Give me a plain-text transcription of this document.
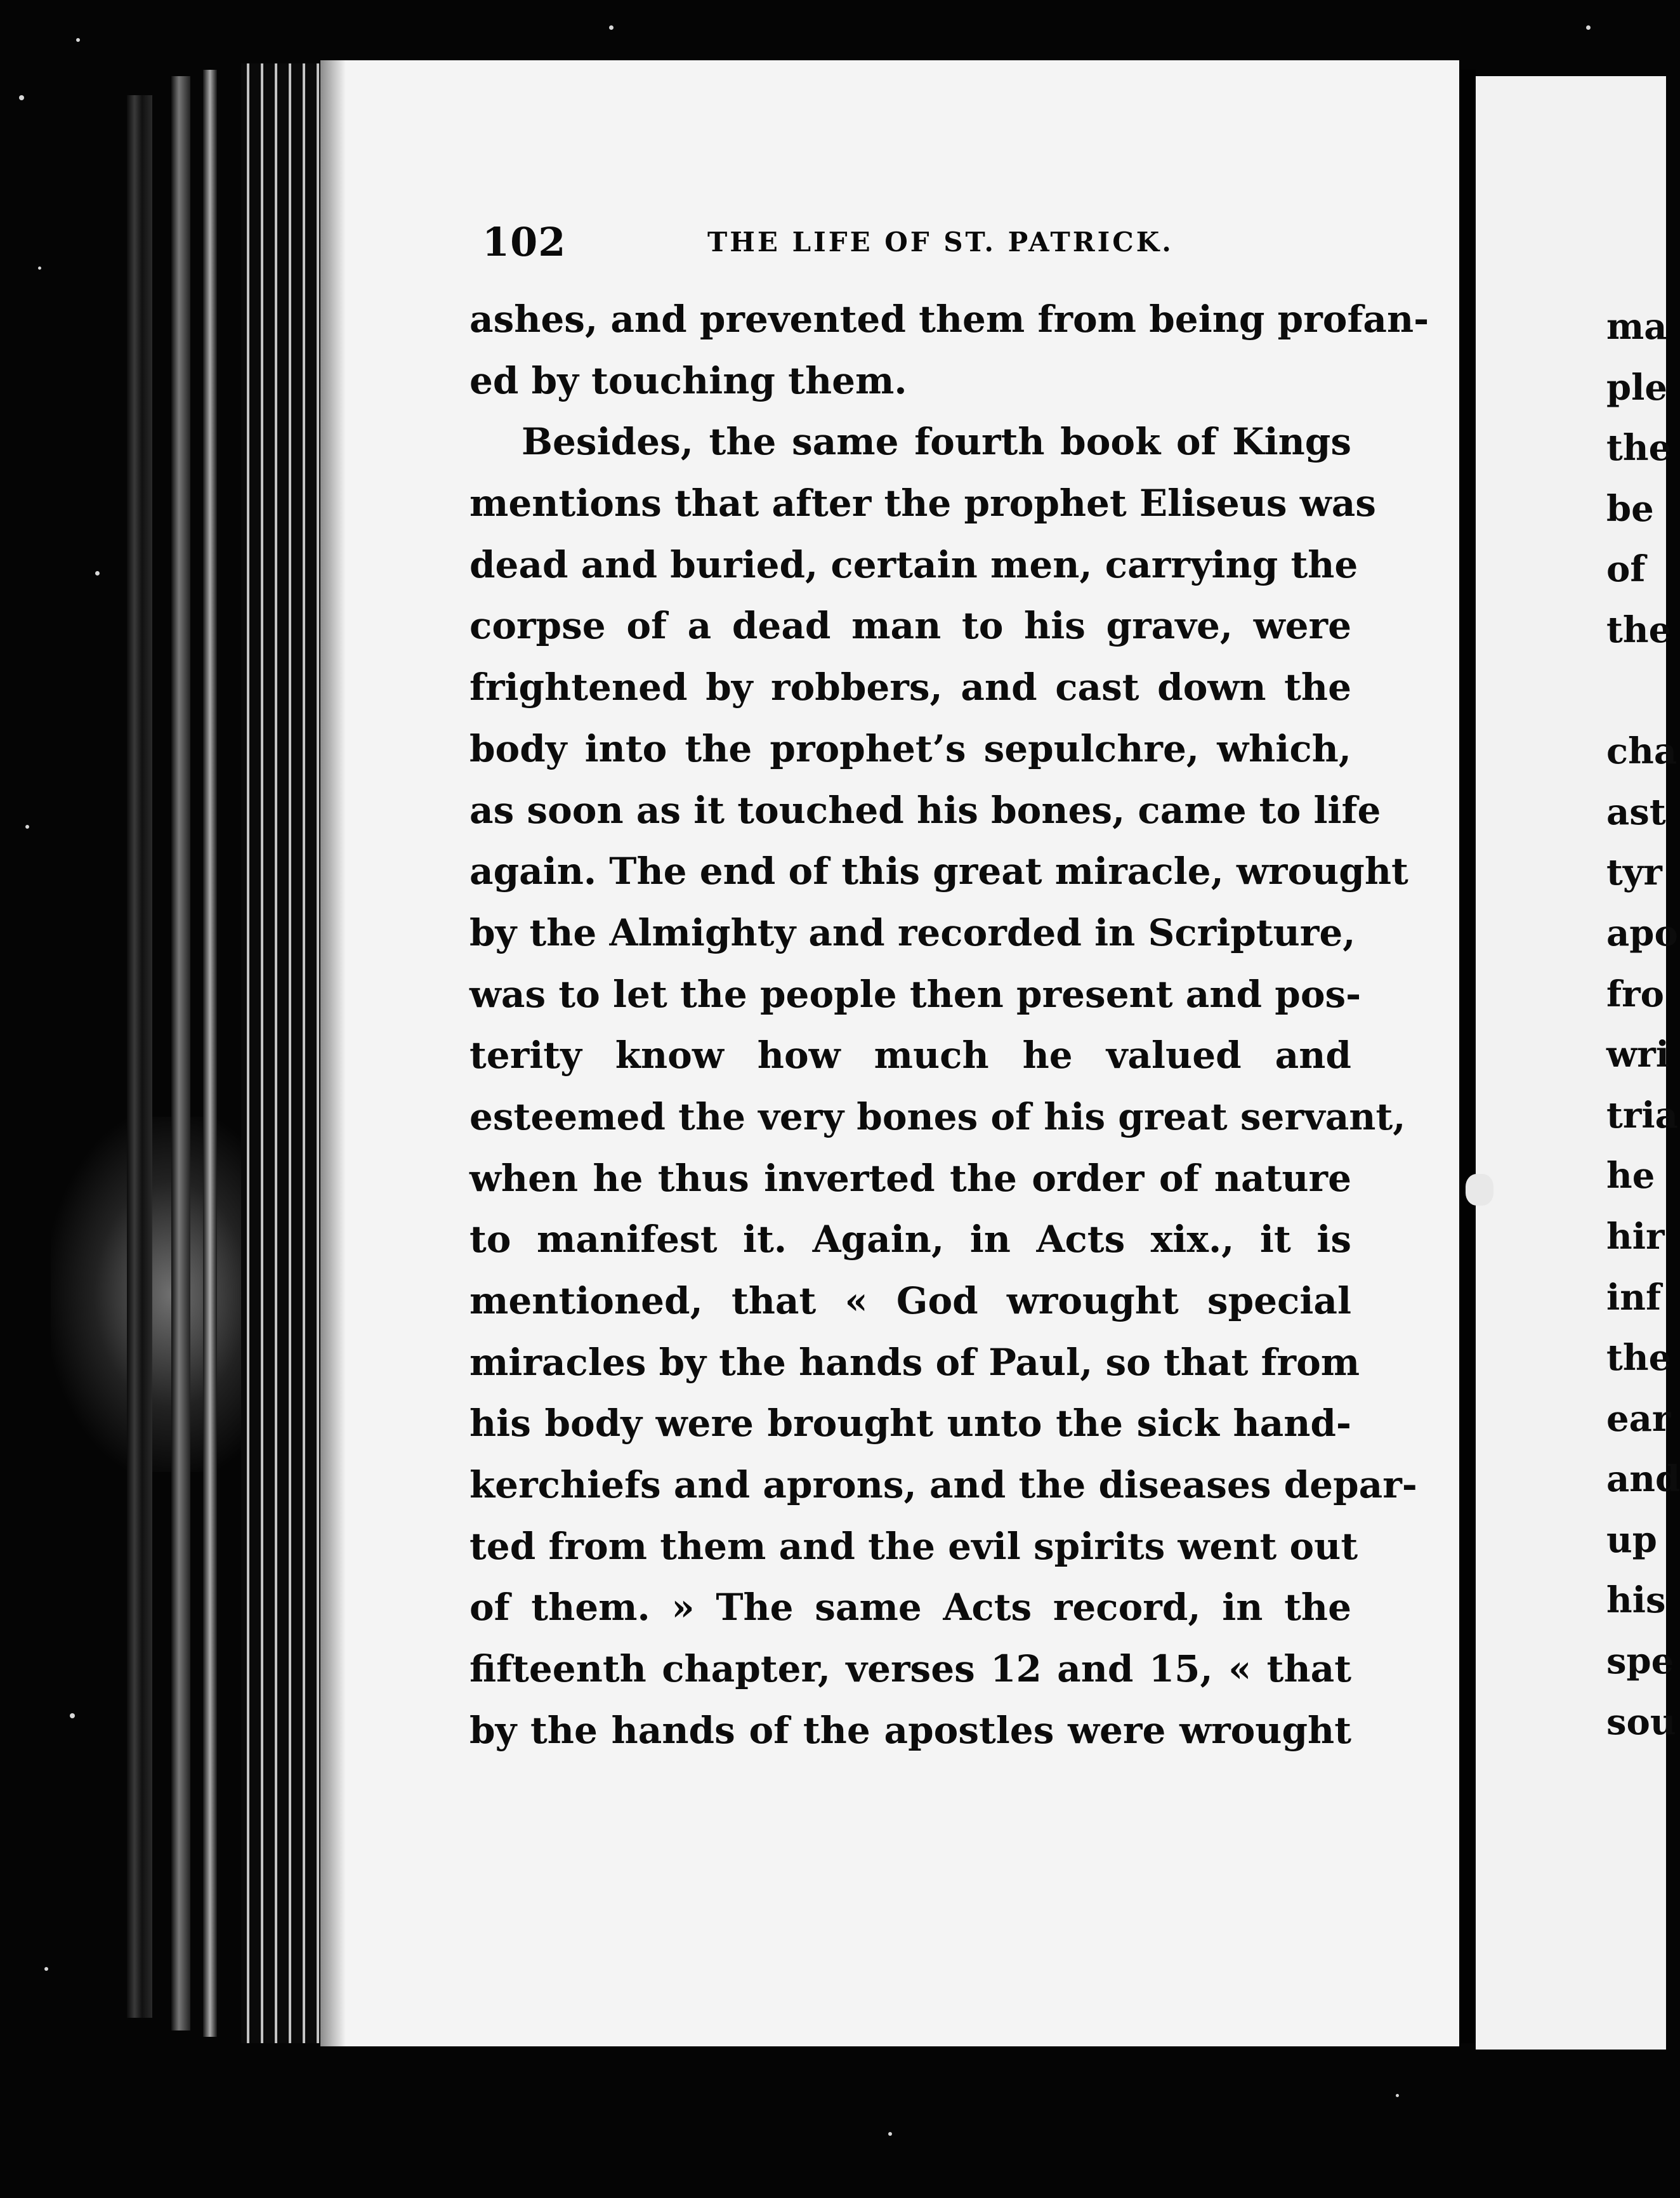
102	THE LIFE OF ST. PATRICK.
ashes, and prevented them from being profan-
ed by touching them.
Besides, the same fourth book of Kings
mentions that after the prophet Eliseus was
dead and buried, certain men, carrying the
corpse of a dead man to his grave, were
frightened by robbers, and cast down the
body into the prophet’s sepulchre, which,
as soon as it touched his bones, came to life
again. The end of this great miracle, wrought
by the Almighty and recorded in Scripture,
was to let the people then present and pos-
terity know how much he valued and
esteemed the very bones of his great servant,
when he thus inverted the order of nature
to manifest it. Again, in Acts xix., it is
mentioned, that « God wrought special
miracles by the hands of Paul, so that from
his body were brought unto the sick hand-
kerchiefs and aprons, and the diseases depar-
ted from them and the evil spirits went out
of them. » The same Acts record, in the
fifteenth chapter, verses 12 and 15, « that
by the hands of the apostles were wrought
ma
ple
the
be
of
the
cha
ast
tyr
apo
fro
wri
tria
he
hir
inf
the
ear
and
up
his
spe
sou
